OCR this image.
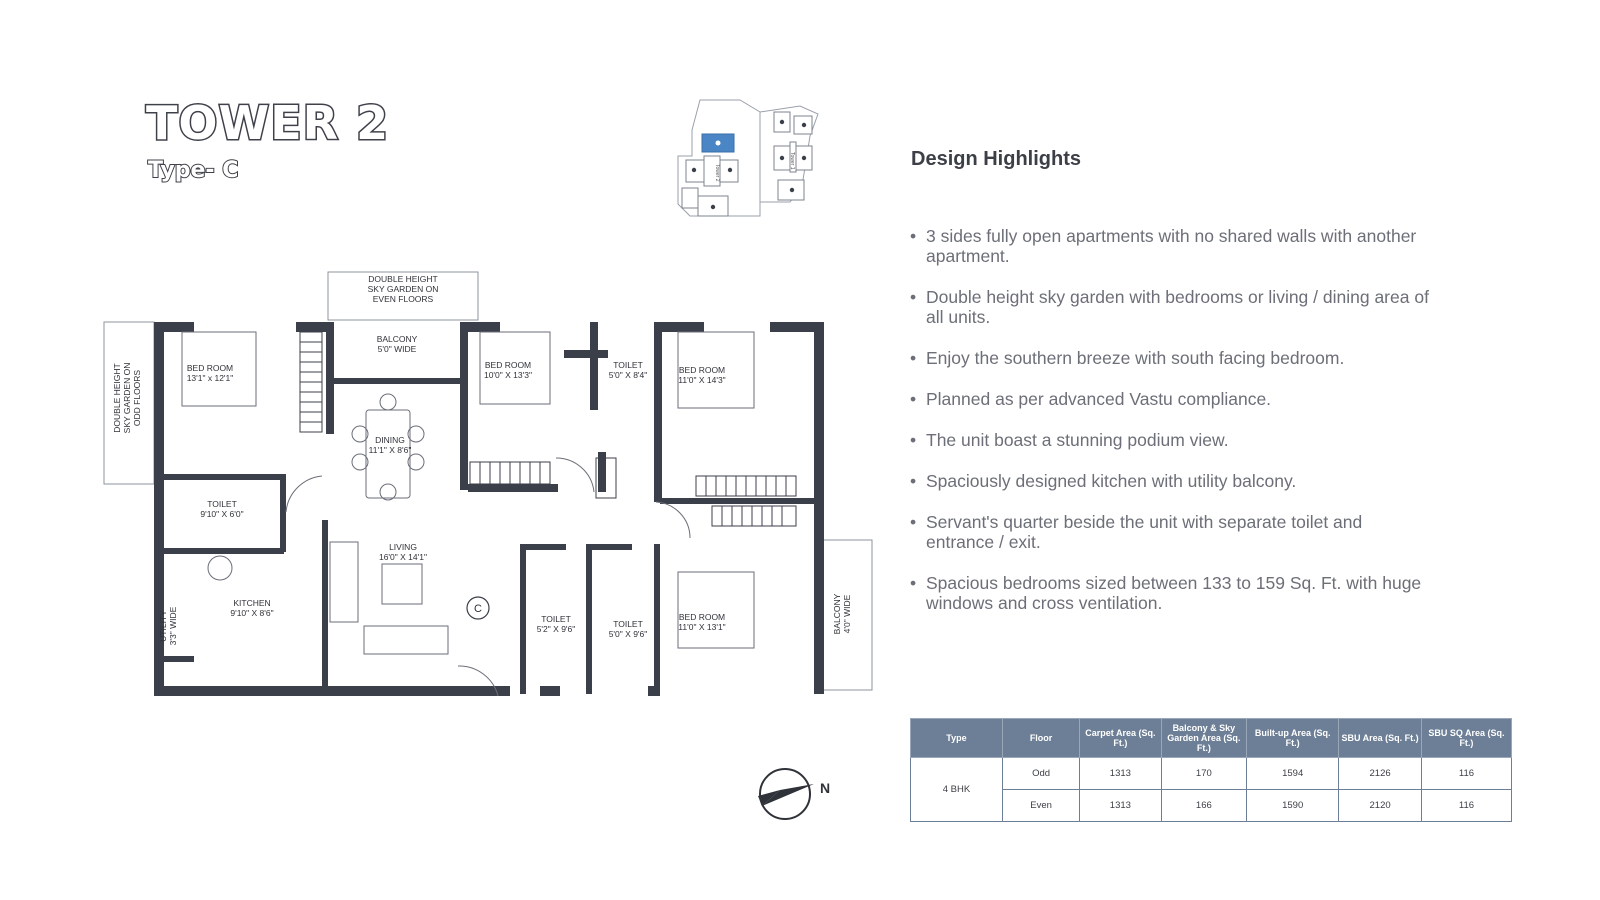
TOWER 2
Type- C	Tower 2
Tower 1
C
DOUBLE HEIGHT
SKY GARDEN ON
EVEN FLOORS
BALCONY
5'0" WIDE
BED ROOM
13'1" x 12'1"
BED ROOM
10'0" X 13'3"
TOILET
5'0" X 8'4"	BED ROOM
11'0" X 14'3"
DINING
11'1" X 8'6"
TOILET
9'10" X 6'0"
LIVING
16'0" X 14'1"
KITCHEN
9'10" X 8'6"
TOILET
5'2" X 9'6"	TOILET
5'0" X 9'6"
BED ROOM
11'0" X 13'1"
DOUBLE HEIGHT SKY GARDEN ON ODD FLOORS
UTILITY 3'3" WIDE	BALCONY 4'0" WIDE
N
Design Highlights
• 3 sides fully open apartments with no shared walls with another apartment.
• Double height sky garden with bedrooms or living / dining area of all units.
• Enjoy the southern breeze with south facing bedroom.
• Planned as per advanced Vastu compliance.
• The unit boast a stunning podium view.
• Spaciously designed kitchen with utility balcony.
• Servant's quarter beside the unit with separate toilet and entrance / exit.
• Spacious bedrooms sized between 133 to 159 Sq. Ft. with huge windows and cross ventilation.
Type	Floor	Carpet Area (Sq. Ft.)	Balcony & Sky Garden Area (Sq. Ft.)	Built-up Area (Sq. Ft.)	SBU Area (Sq. Ft.)	SBU SQ Area (Sq. Ft.)
4 BHK	Odd	1313	170	1594	2126	116
	Even	1313	166	1590	2120	116
